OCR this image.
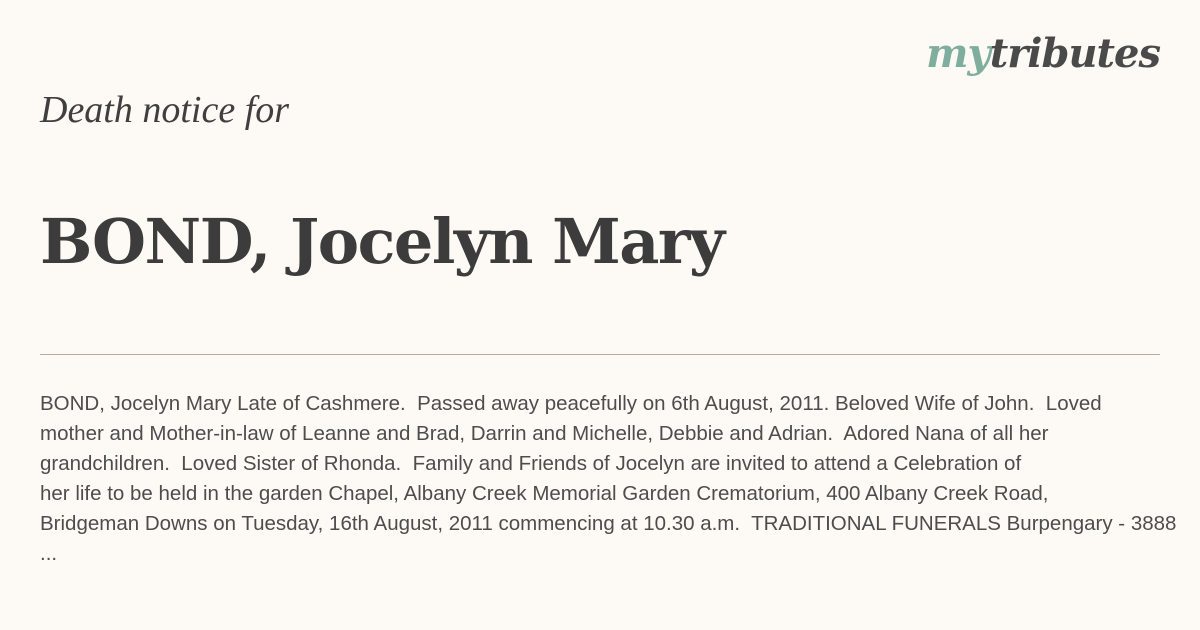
mytributes
Death notice for
BOND, Jocelyn Mary
BOND, Jocelyn Mary Late of Cashmere.  Passed away peacefully on 6th August, 2011. Beloved Wife of John.  Loved
mother and Mother-in-law of Leanne and Brad, Darrin and Michelle, Debbie and Adrian.  Adored Nana of all her
grandchildren.  Loved Sister of Rhonda.  Family and Friends of Jocelyn are invited to attend a Celebration of
her life to be held in the garden Chapel, Albany Creek Memorial Garden Crematorium, 400 Albany Creek Road,
Bridgeman Downs on Tuesday, 16th August, 2011 commencing at 10.30 a.m.  TRADITIONAL FUNERALS Burpengary - 3888
...
